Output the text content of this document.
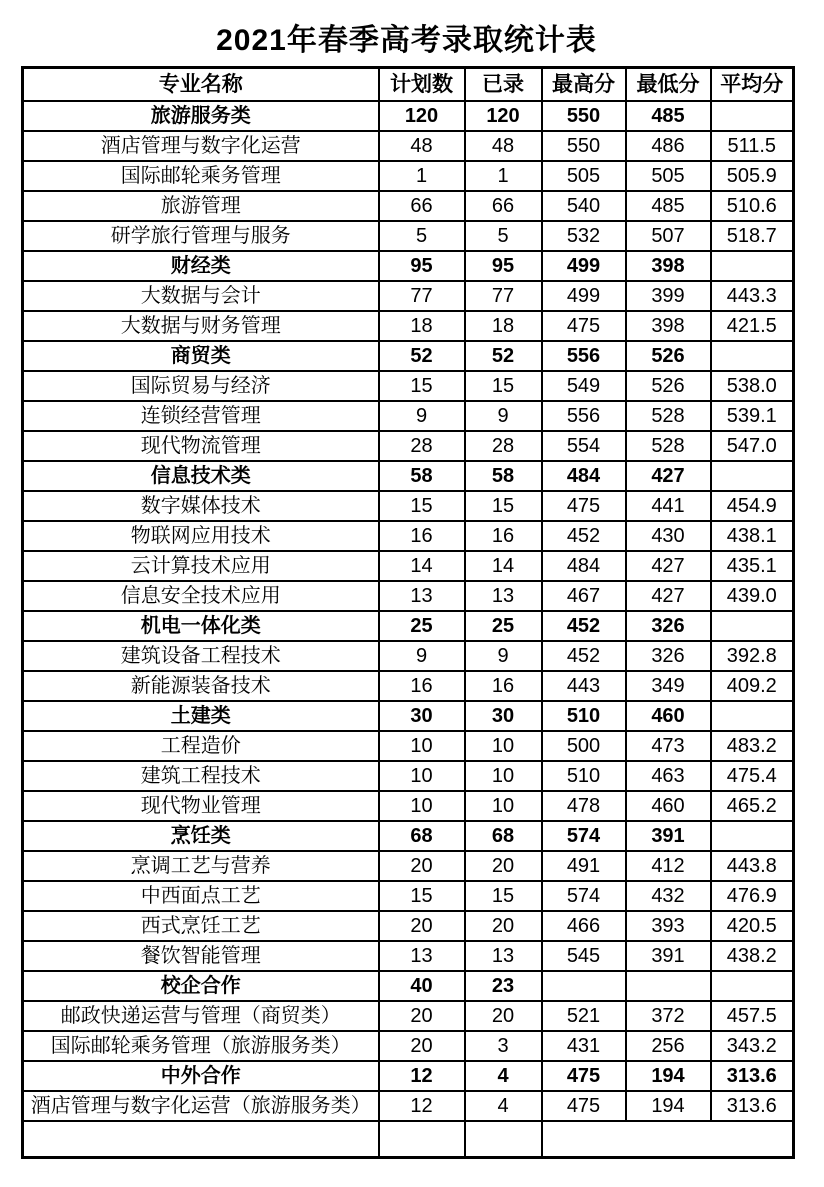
2021年春季高考录取统计表
专业名称	计划数	已录	最高分	最低分	平均分
旅游服务类	120	120	550	485	
酒店管理与数字化运营	48	48	550	486	511.5
国际邮轮乘务管理	1	1	505	505	505.9
旅游管理	66	66	540	485	510.6
研学旅行管理与服务	5	5	532	507	518.7
财经类	95	95	499	398	
大数据与会计	77	77	499	399	443.3
大数据与财务管理	18	18	475	398	421.5
商贸类	52	52	556	526	
国际贸易与经济	15	15	549	526	538.0
连锁经营管理	9	9	556	528	539.1
现代物流管理	28	28	554	528	547.0
信息技术类	58	58	484	427	
数字媒体技术	15	15	475	441	454.9
物联网应用技术	16	16	452	430	438.1
云计算技术应用	14	14	484	427	435.1
信息安全技术应用	13	13	467	427	439.0
机电一体化类	25	25	452	326	
建筑设备工程技术	9	9	452	326	392.8
新能源装备技术	16	16	443	349	409.2
土建类	30	30	510	460	
工程造价	10	10	500	473	483.2
建筑工程技术	10	10	510	463	475.4
现代物业管理	10	10	478	460	465.2
烹饪类	68	68	574	391	
烹调工艺与营养	20	20	491	412	443.8
中西面点工艺	15	15	574	432	476.9
西式烹饪工艺	20	20	466	393	420.5
餐饮智能管理	13	13	545	391	438.2
校企合作	40	23			
邮政快递运营与管理（商贸类）	20	20	521	372	457.5
国际邮轮乘务管理（旅游服务类）	20	3	431	256	343.2
中外合作	12	4	475	194	313.6
酒店管理与数字化运营（旅游服务类）	12	4	475	194	313.6
